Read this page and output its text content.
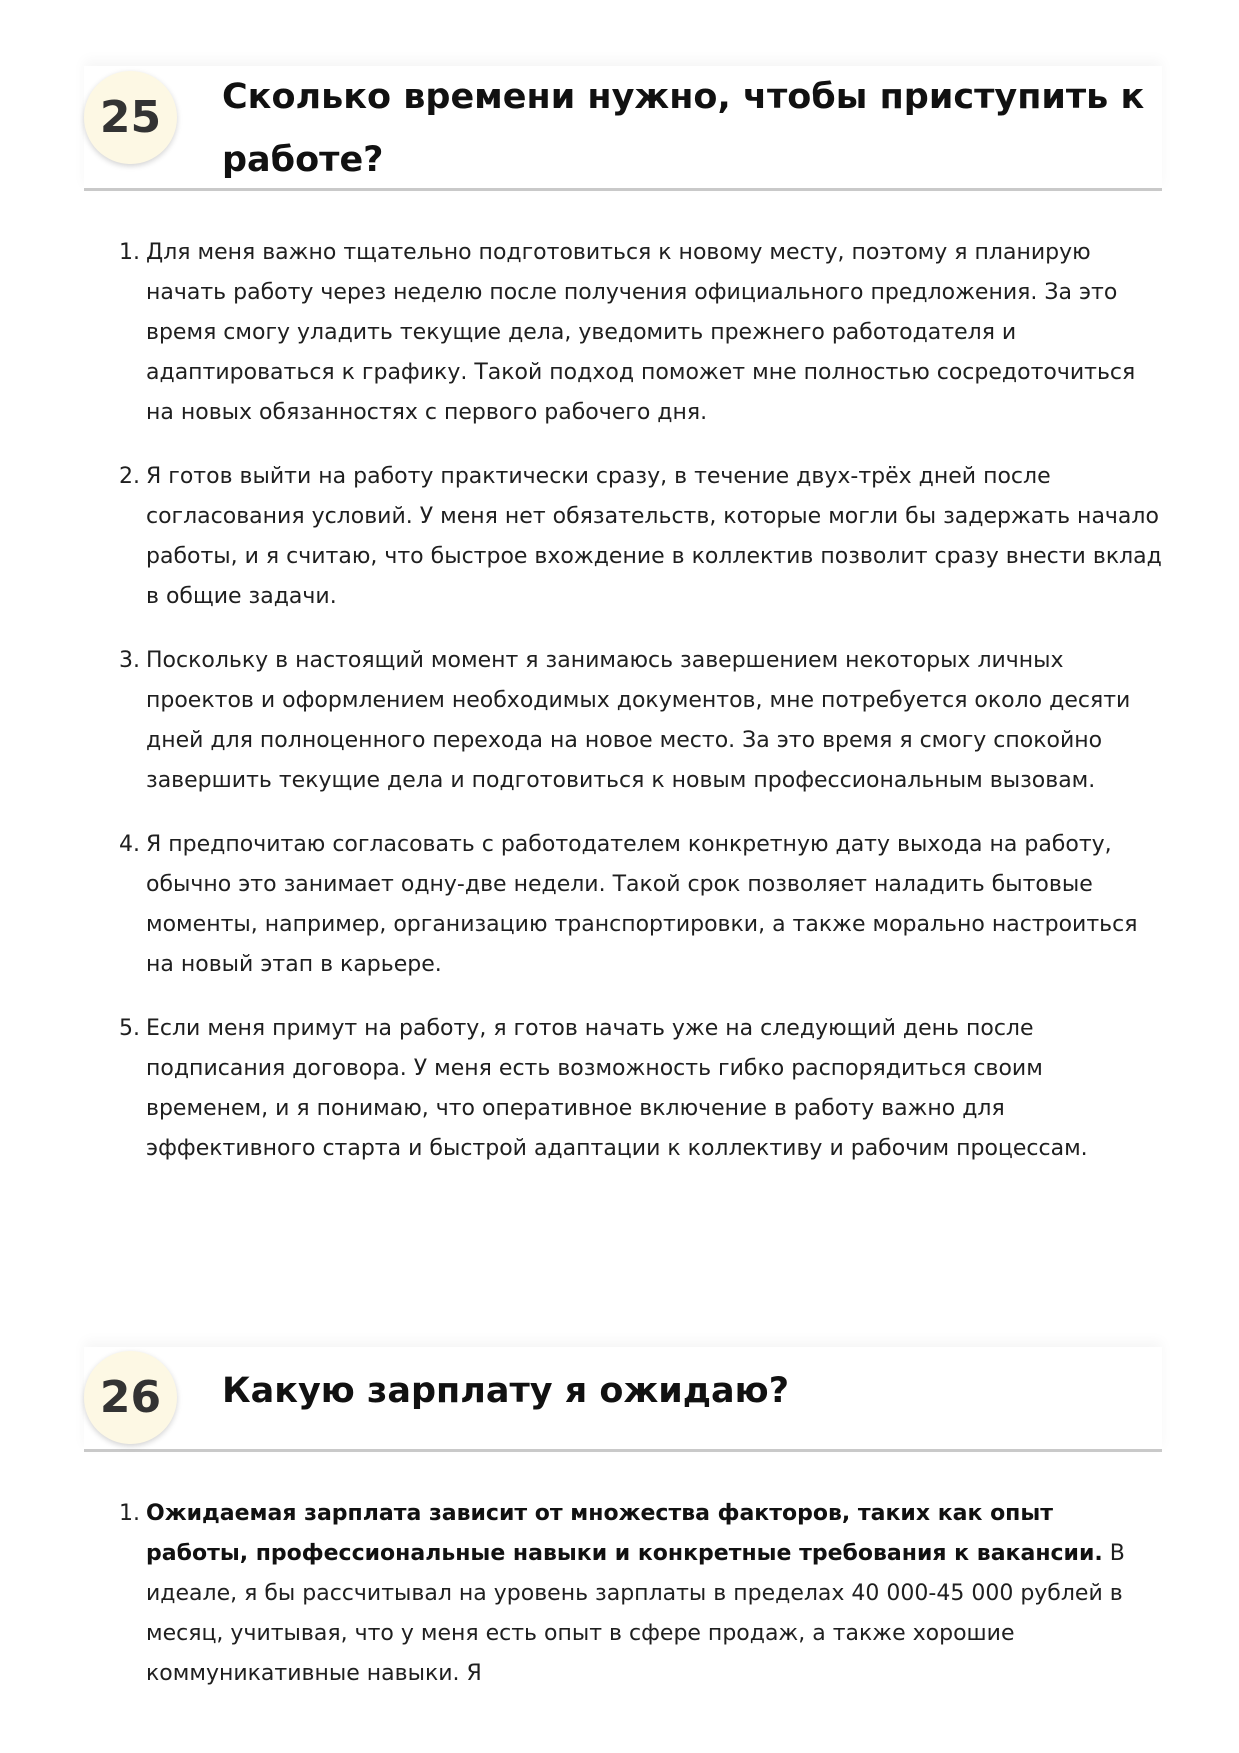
25	Сколько времени нужно, чтобы приступить к работе?
1. Для меня важно тщательно подготовиться к новому месту, поэтому я планирую начать работу через неделю после получения официального предложения. За это время смогу уладить текущие дела, уведомить прежнего работодателя и адаптироваться к графику. Такой подход поможет мне полностью сосредоточиться на новых обязанностях с первого рабочего дня.
2. Я готов выйти на работу практически сразу, в течение двух-трёх дней после согласования условий. У меня нет обязательств, которые могли бы задержать начало работы, и я считаю, что быстрое вхождение в коллектив позволит сразу внести вклад в общие задачи.
3. Поскольку в настоящий момент я занимаюсь завершением некоторых личных проектов и оформлением необходимых документов, мне потребуется около десяти дней для полноценного перехода на новое место. За это время я смогу спокойно завершить текущие дела и подготовиться к новым профессиональным вызовам.
4. Я предпочитаю согласовать с работодателем конкретную дату выхода на работу, обычно это занимает одну-две недели. Такой срок позволяет наладить бытовые моменты, например, организацию транспортировки, а также морально настроиться на новый этап в карьере.
5. Если меня примут на работу, я готов начать уже на следующий день после подписания договора. У меня есть возможность гибко распорядиться своим временем, и я понимаю, что оперативное включение в работу важно для эффективного старта и быстрой адаптации к коллективу и рабочим процессам.
26	Какую зарплату я ожидаю?
1. Ожидаемая зарплата зависит от множества факторов, таких как опыт работы, профессиональные навыки и конкретные требования к вакансии. В идеале, я бы рассчитывал на уровень зарплаты в пределах 40 000-45 000 рублей в месяц, учитывая, что у меня есть опыт в сфере продаж, а также хорошие коммуникативные навыки. Я
